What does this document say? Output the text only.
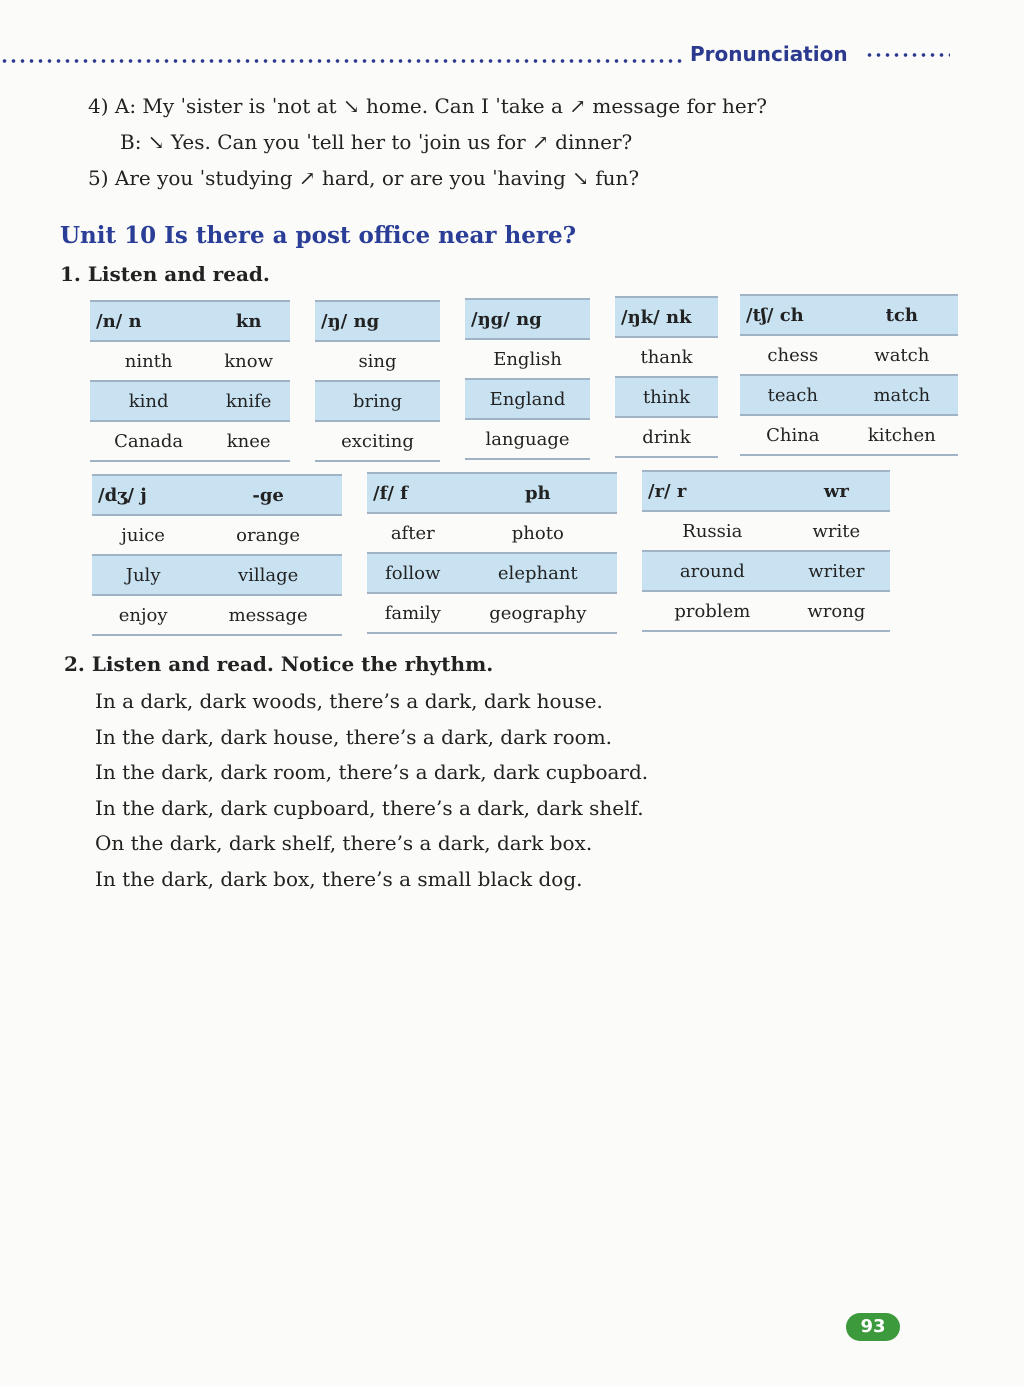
Pronunciation
4) A: My ˈsister is ˈnot at ↘ home. Can I ˈtake a ↗ message for her?
B: ↘ Yes. Can you ˈtell her to ˈjoin us for ↗ dinner?
5) Are you ˈstudying ↗ hard, or are you ˈhaving ↘ fun?
Unit 10 Is there a post office near here?
1. Listen and read.
/n/ n	kn
ninth	know
kind	knife
Canada	knee
/ŋ/ ng
sing
bring
exciting
/ŋg/ ng
English
England
language
/ŋk/ nk
thank
think
drink
/tʃ/ ch	tch
chess	watch
teach	match
China	kitchen
/dʒ/ j	-ge
juice	orange
July	village
enjoy	message
/f/ f	ph
after	photo
follow	elephant
family	geography
/r/ r	wr
Russia	write
around	writer
problem	wrong
2. Listen and read. Notice the rhythm.
In a dark, dark woods, there’s a dark, dark house.
In the dark, dark house, there’s a dark, dark room.
In the dark, dark room, there’s a dark, dark cupboard.
In the dark, dark cupboard, there’s a dark, dark shelf.
On the dark, dark shelf, there’s a dark, dark box.
In the dark, dark box, there’s a small black dog.
93
